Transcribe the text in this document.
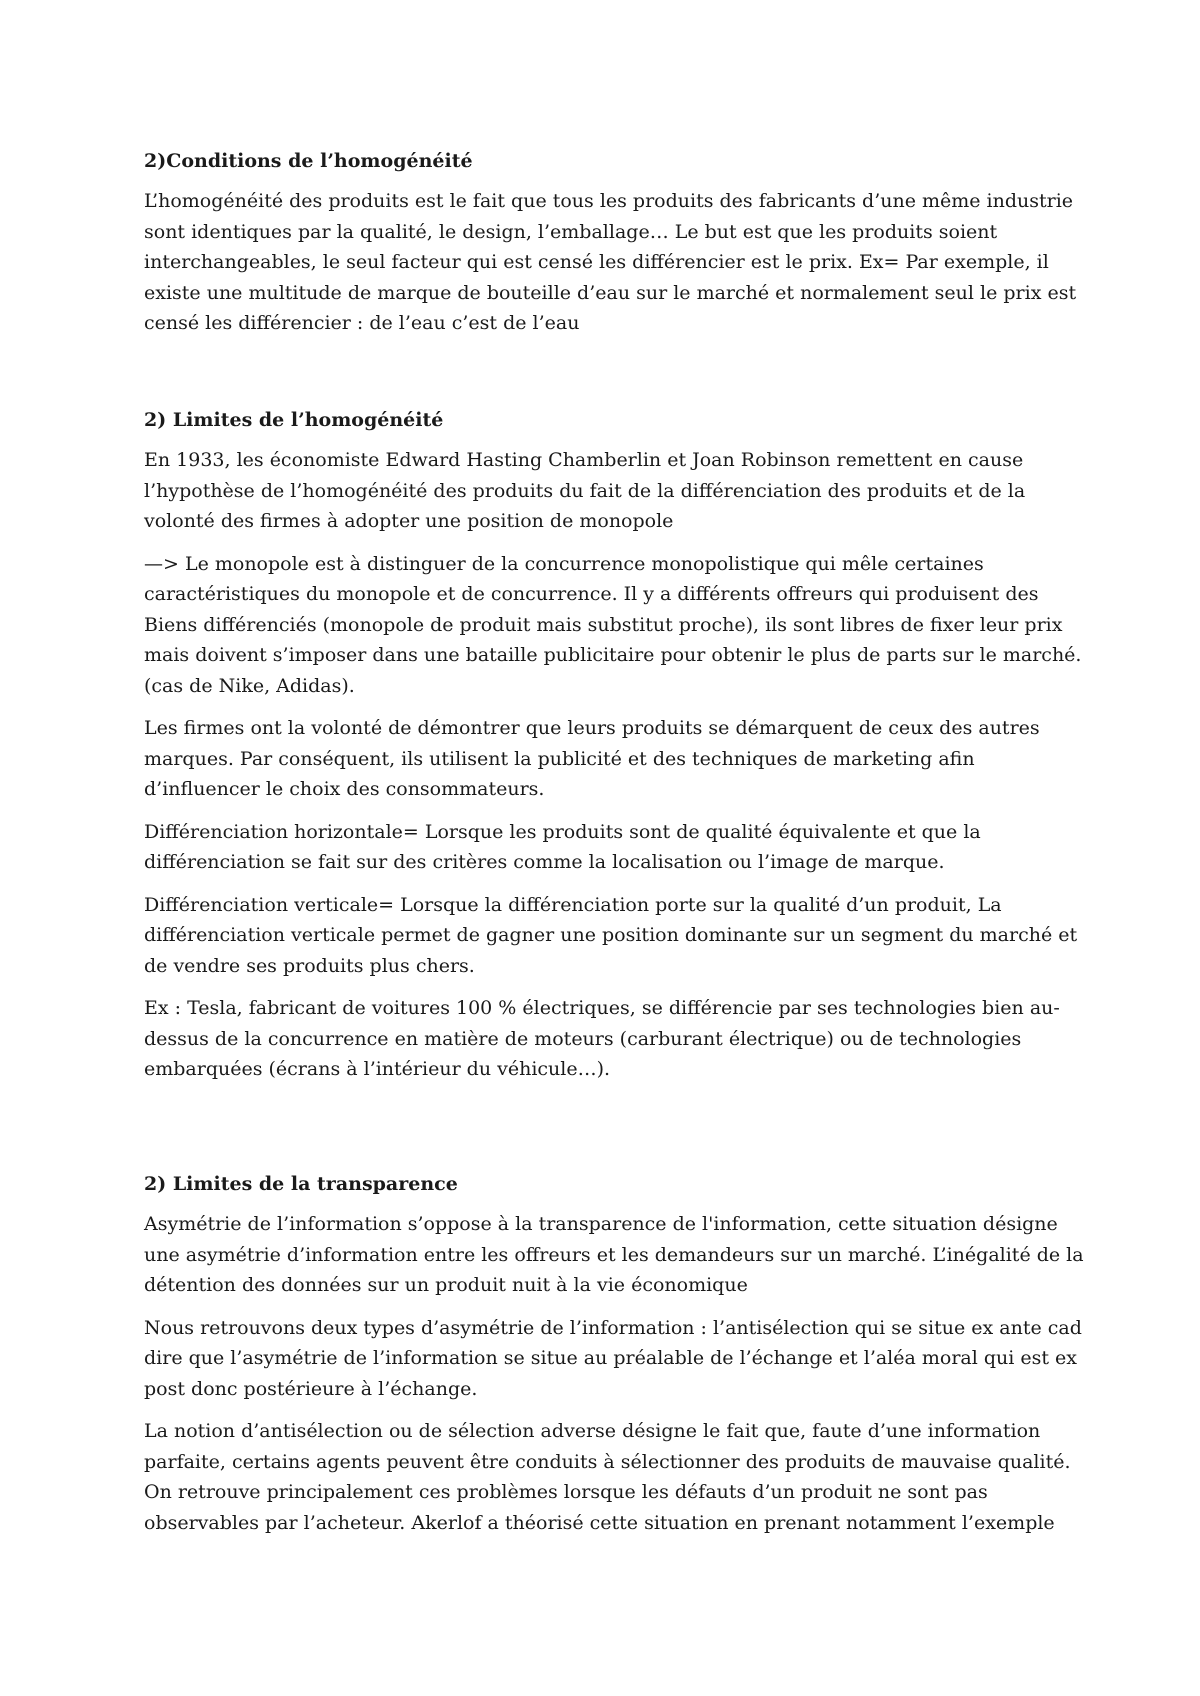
2)Conditions de l’homogénéité

L’homogénéité des produits est le fait que tous les produits des fabricants d’une même industrie sont identiques par la qualité, le design, l’emballage… Le but est que les produits soient interchangeables, le seul facteur qui est censé les différencier est le prix. Ex= Par exemple, il existe une multitude de marque de bouteille d’eau sur le marché et normalement seul le prix est censé les différencier : de l’eau c’est de l’eau

2) Limites de l’homogénéité

En 1933, les économiste Edward Hasting Chamberlin et Joan Robinson remettent en cause l’hypothèse de l’homogénéité des produits du fait de la différenciation des produits et de la volonté des firmes à adopter une position de monopole

—> Le monopole est à distinguer de la concurrence monopolistique qui mêle certaines caractéristiques du monopole et de concurrence. Il y a différents offreurs qui produisent des Biens différenciés (monopole de produit mais substitut proche), ils sont libres de fixer leur prix mais doivent s’imposer dans une bataille publicitaire pour obtenir le plus de parts sur le marché. (cas de Nike, Adidas).

Les firmes ont la volonté de démontrer que leurs produits se démarquent de ceux des autres marques. Par conséquent, ils utilisent la publicité et des techniques de marketing afin d’influencer le choix des consommateurs.

Différenciation horizontale= Lorsque les produits sont de qualité équivalente et que la différenciation se fait sur des critères comme la localisation ou l’image de marque.

Différenciation verticale= Lorsque la différenciation porte sur la qualité d’un produit, La différenciation verticale permet de gagner une position dominante sur un segment du marché et de vendre ses produits plus chers.

Ex : Tesla, fabricant de voitures 100 % électriques, se différencie par ses technologies bien au-dessus de la concurrence en matière de moteurs (carburant électrique) ou de technologies embarquées (écrans à l’intérieur du véhicule…).

2) Limites de la transparence

Asymétrie de l’information s’oppose à la transparence de l'information, cette situation désigne une asymétrie d’information entre les offreurs et les demandeurs sur un marché. L’inégalité de la détention des données sur un produit nuit à la vie économique

Nous retrouvons deux types d’asymétrie de l’information : l’antisélection qui se situe ex ante cad dire que l’asymétrie de l’information se situe au préalable de l’échange et l’aléa moral qui est ex post donc postérieure à l’échange.

La notion d’antisélection ou de sélection adverse désigne le fait que, faute d’une information parfaite, certains agents peuvent être conduits à sélectionner des produits de mauvaise qualité. On retrouve principalement ces problèmes lorsque les défauts d’un produit ne sont pas observables par l’acheteur. Akerlof a théorisé cette situation en prenant notamment l’exemple
